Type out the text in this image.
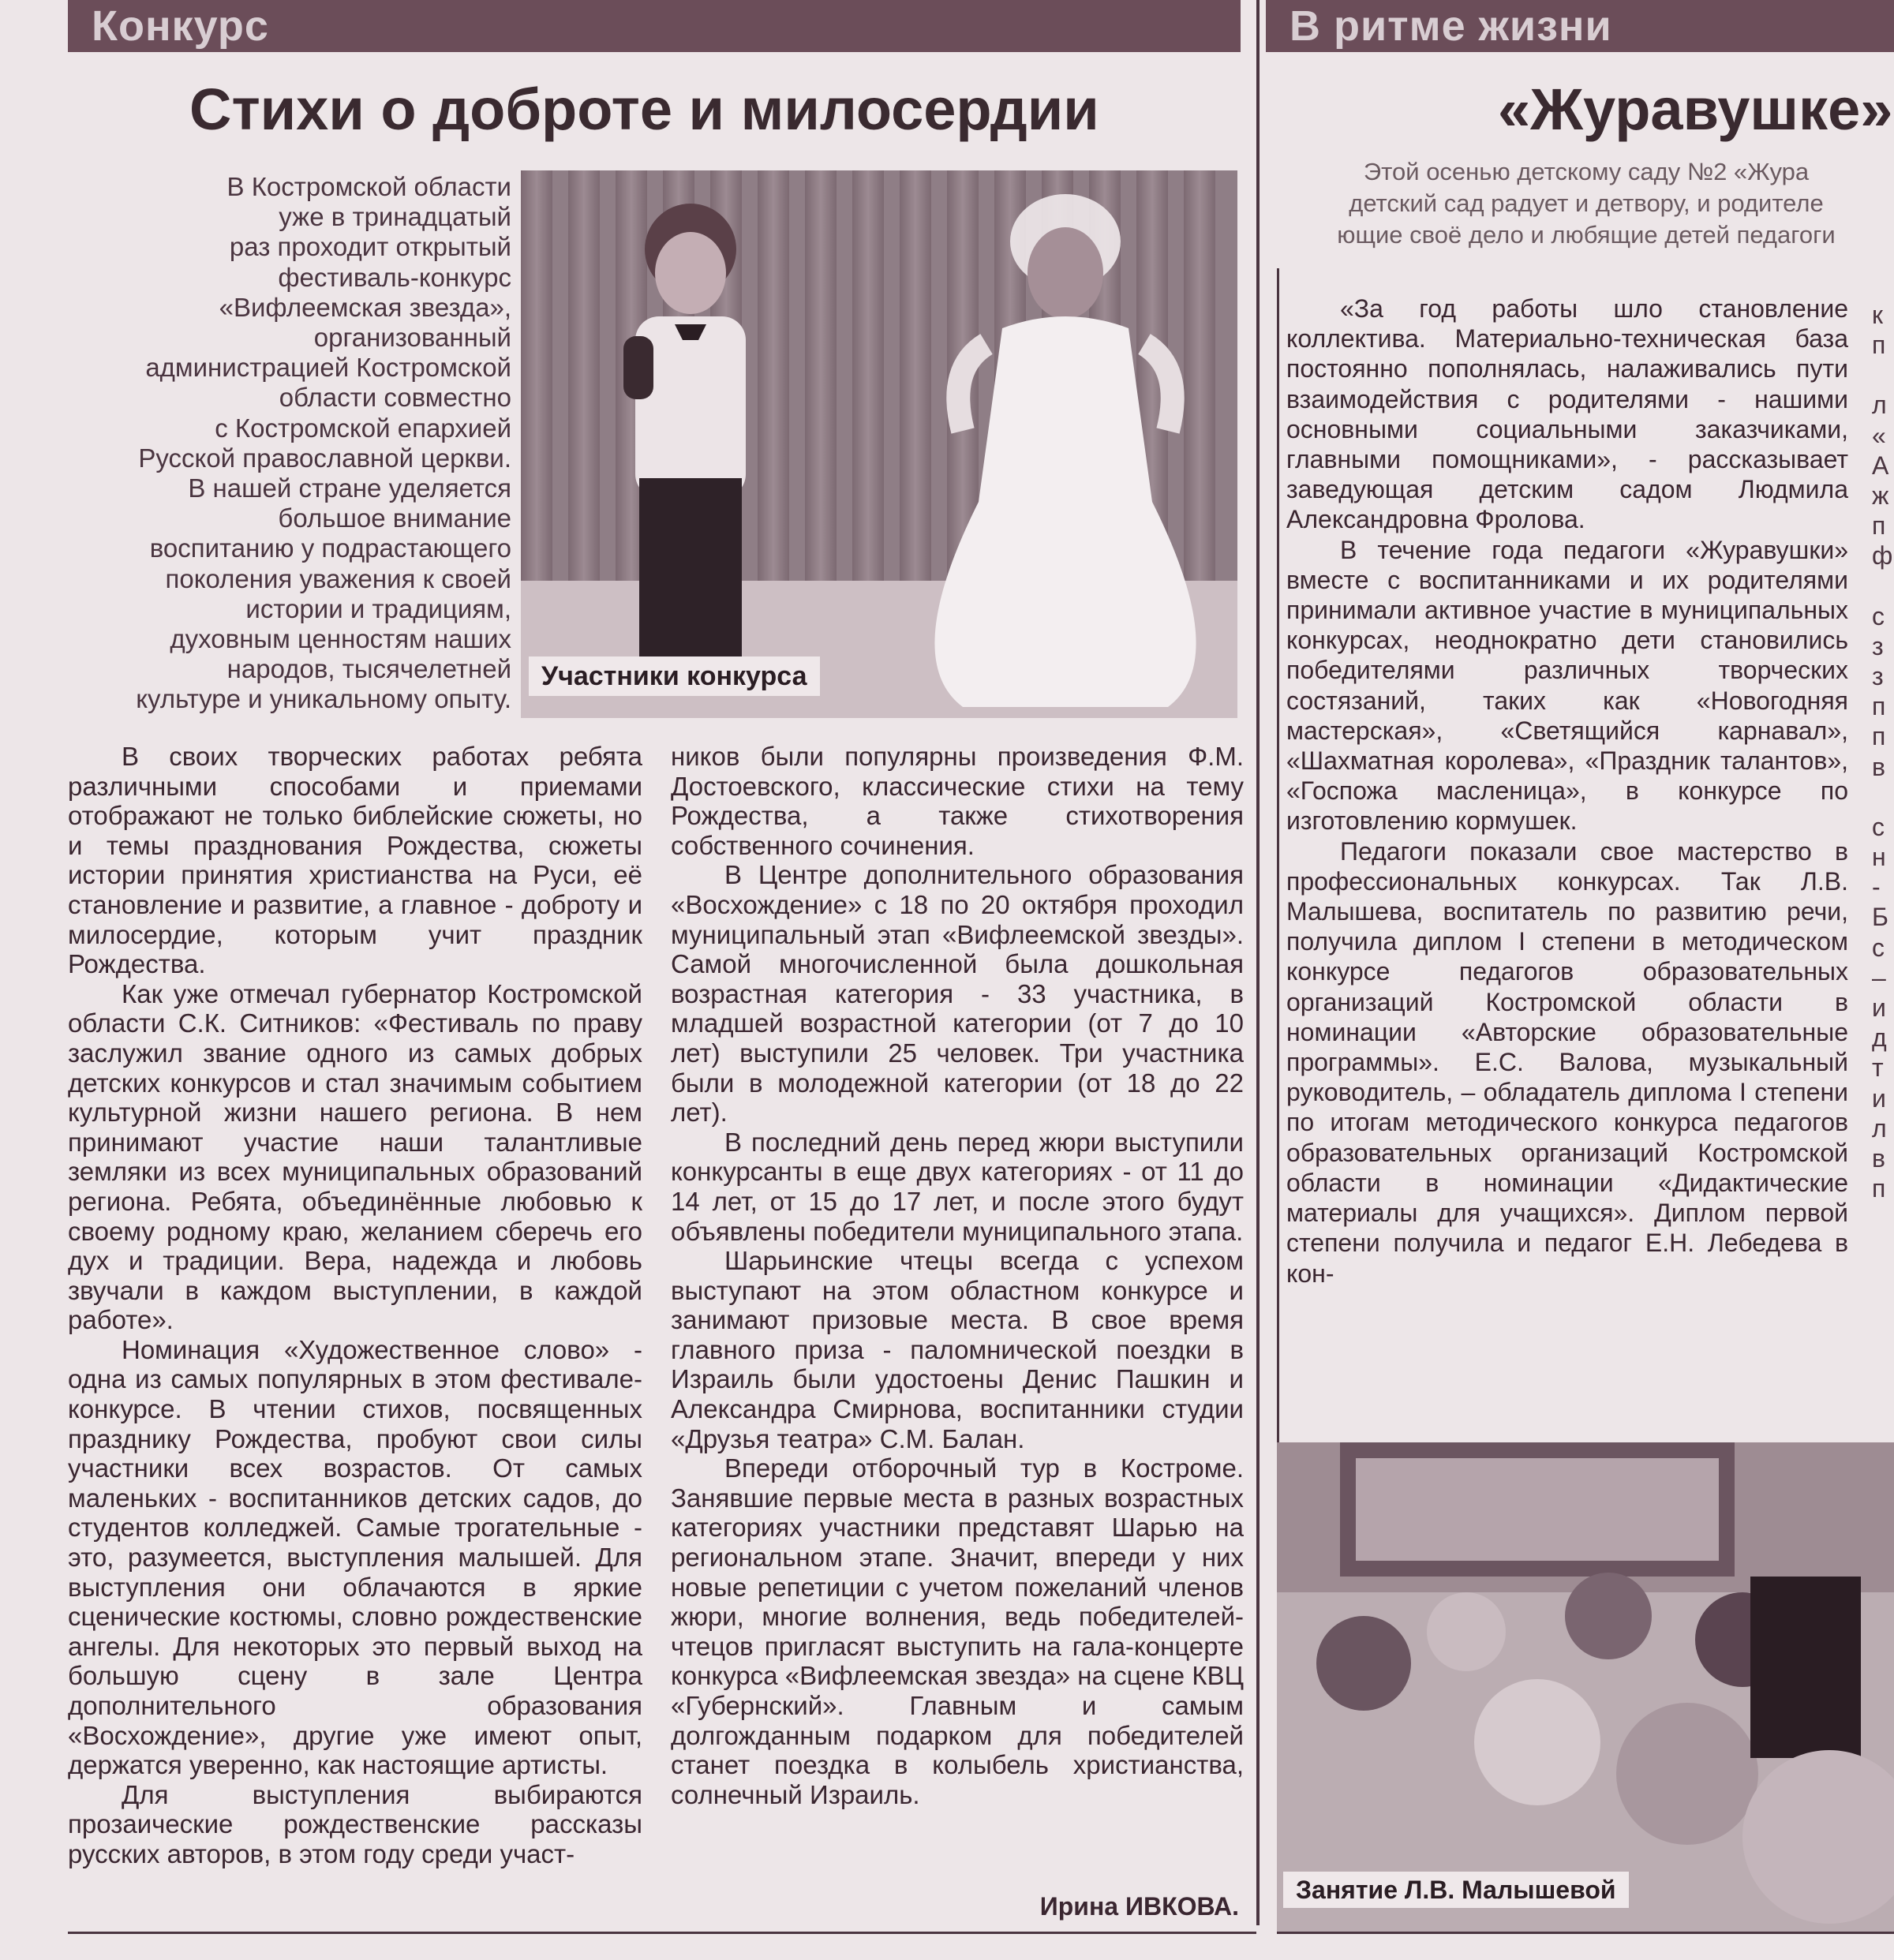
Конкурс	В ритме жизни
Стихи о доброте и милосердии

В Костромской области

уже в тринадцатый

раз проходит открытый

фестиваль-конкурс

«Вифлеемская звезда»,

организованный

администрацией Костромской

области совместно

с Костромской епархией

Русской православной церкви.

В нашей стране уделяется

большое внимание

воспитанию у подрастающего

поколения уважения к своей

истории и традициям,

духовным ценностям наших

народов, тысячелетней

культуре и уникальному опыту.

Участники конкурса

В своих творческих работах ребята различными способами и приемами отображают не только библейские сюжеты, но и темы празднования Рождества, сюжеты истории принятия христианства на Руси, её становление и развитие, а главное - доброту и милосердие, которым учит праздник Рождества.

Как уже отмечал губернатор Костромской области С.К. Ситников: «Фестиваль по праву заслужил звание одного из самых добрых детских конкурсов и стал значимым событием культурной жизни нашего региона. В нем принимают участие наши талантливые земляки из всех муниципальных образований региона. Ребята, объединённые любовью к своему родному краю, желанием сберечь его дух и традиции. Вера, надежда и любовь звучали в каждом выступлении, в каждой работе».

Номинация «Художественное слово» - одна из самых популярных в этом фестивале-конкурсе. В чтении стихов, посвященных празднику Рождества, пробуют свои силы участники всех возрастов. От самых маленьких - воспитанников детских садов, до студентов колледжей. Самые трогательные - это, разумеется, выступления малышей. Для выступления они облачаются в яркие сценические костюмы, словно рождественские ангелы. Для некоторых это первый выход на большую сцену в зале Центра дополнительного образования «Восхождение», другие уже имеют опыт, держатся уверенно, как настоящие артисты.

Для выступления выбираются прозаические рождественские рассказы русских авторов, в этом году среди участ-

ников были популярны произведения Ф.М. Достоевского, классические стихи на тему Рождества, а также стихотворения собственного сочинения.

В Центре дополнительного образования «Восхождение» с 18 по 20 октября проходил муниципальный этап «Вифлеемской звезды». Самой многочисленной была дошкольная возрастная категория - 33 участника, в младшей возрастной категории (от 7 до 10 лет) выступили 25 человек. Три участника были в молодежной категории (от 18 до 22 лет).

В последний день перед жюри выступили конкурсанты в еще двух категориях - от 11 до 14 лет, от 15 до 17 лет, и после этого будут объявлены победители муниципального этапа.

Шарьинские чтецы всегда с успехом выступают на этом областном конкурсе и занимают призовые места. В свое время главного приза - паломнической поездки в Израиль были удостоены Денис Пашкин и Александра Смирнова, воспитанники студии «Друзья театра» С.М. Балан.

Впереди отборочный тур в Костроме. Занявшие первые места в разных возрастных категориях участники представят Шарью на региональном этапе. Значит, впереди у них новые репетиции с учетом пожеланий членов жюри, многие волнения, ведь победителей-чтецов пригласят выступить на гала-концерте конкурса «Вифлеемская звезда» на сцене КВЦ «Губернский». Главным и самым долгожданным подарком для победителей станет поездка в колыбель христианства, солнечный Израиль.

Ирина ИВКОВА.
«Журавушке»

Этой осенью детскому саду №2 «Жура

детский сад радует и детвору, и родителе

ющие своё дело и любящие детей педагоги

«За год работы шло становление коллектива. Материально-техническая база постоянно пополнялась, налаживались пути взаимодействия с родителями - нашими основными социальными заказчиками, главными помощниками», - рассказывает заведующая детским садом Людмила Александровна Фролова.

В течение года педагоги «Журавушки» вместе с воспитанниками и их родителями принимали активное участие в муниципальных конкурсах, неоднократно дети становились победителями различных творческих состязаний, таких как «Новогодняя мастерская», «Светящийся карнавал», «Шахматная королева», «Праздник талантов», «Госпожа масленица», в конкурсе по изготовлению кормушек.

Педагоги показали свое мастерство в профессиональных конкурсах. Так Л.В. Малышева, воспитатель по развитию речи, получила диплом I степени в методическом конкурсе педагогов образовательных организаций Костромской области в номинации «Авторские образовательные программы». Е.С. Валова, музыкальный руководитель, – обладатель диплома I степени по итогам методического конкурса педагогов образовательных организаций Костромской области в номинации «Дидактические материалы для учащихся». Диплом первой степени получила и педагог Е.Н. Лебедева в кон-

к
п
л
«
А
ж
п
ф
с
з
з
п
п
в
с
н
-
Б
с
–
и
д
т
и
л
в
п
Занятие Л.В. Малышевой
